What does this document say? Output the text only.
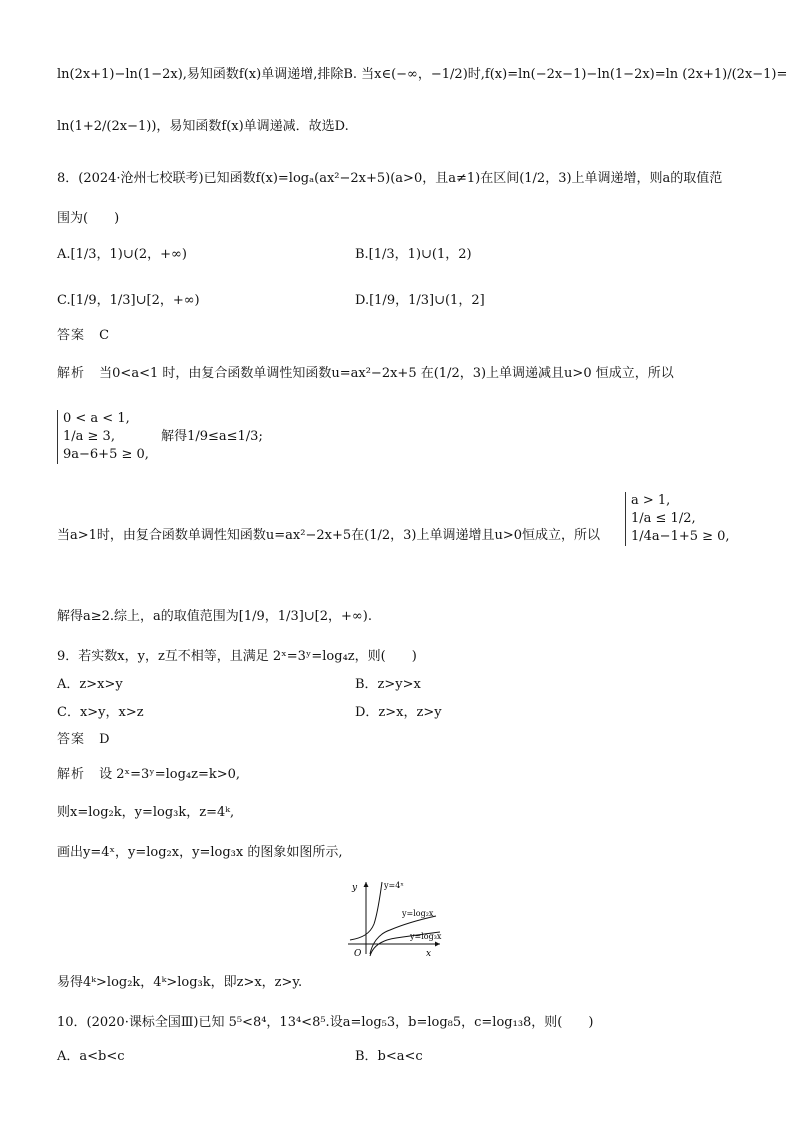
ln(2x+1)−ln(1−2x),易知函数f(x)单调递增,排除B. 当x∈(−∞，−1/2)时,f(x)=ln(−2x−1)−ln(1−2x)=ln (2x+1)/(2x−1)=
ln(1+2/(2x−1))，易知函数f(x)单调递减．故选D.
8．(2024·沧州七校联考)已知函数f(x)=logₐ(ax²−2x+5)(a>0，且a≠1)在区间(1/2，3)上单调递增，则a的取值范
围为(　　)
A.[1/3，1)∪(2，+∞)	B.[1/3，1)∪(1，2)
C.[1/9，1/3]∪[2，+∞)	D.[1/9，1/3]∪(1，2]
答案 C
解析 当0<a<1 时，由复合函数单调性知函数u=ax²−2x+5 在(1/2，3)上单调递减且u>0 恒成立，所以
0 < a < 1,
1/a ≥ 3,
9a−6+5 ≥ 0,
解得1/9≤a≤1/3;
当a>1时，由复合函数单调性知函数u=ax²−2x+5在(1/2，3)上单调递增且u>0恒成立，所以
a > 1,
1/a ≤ 1/2,
1/4a−1+5 ≥ 0,
解得a≥2.综上，a的取值范围为[1/9，1/3]∪[2，+∞).
9．若实数x，y，z互不相等，且满足 2ˣ=3ʸ=log₄z，则(　　)
A．z>x>y	B．z>y>x
C．x>y，x>z	D．z>x，z>y
答案 D
解析 设 2ˣ=3ʸ=log₄z=k>0,
则x=log₂k，y=log₃k，z=4ᵏ,
画出y=4ˣ，y=log₂x，y=log₃x 的图象如图所示,
y
x
O
y=4ˣ
y=log₂x
y=log₃x
易得4ᵏ>log₂k，4ᵏ>log₃k，即z>x，z>y.
10．(2020·课标全国Ⅲ)已知 5⁵<8⁴，13⁴<8⁵.设a=log₅3，b=log₈5，c=log₁₃8，则(　　)
A．a<b<c	B．b<a<c
